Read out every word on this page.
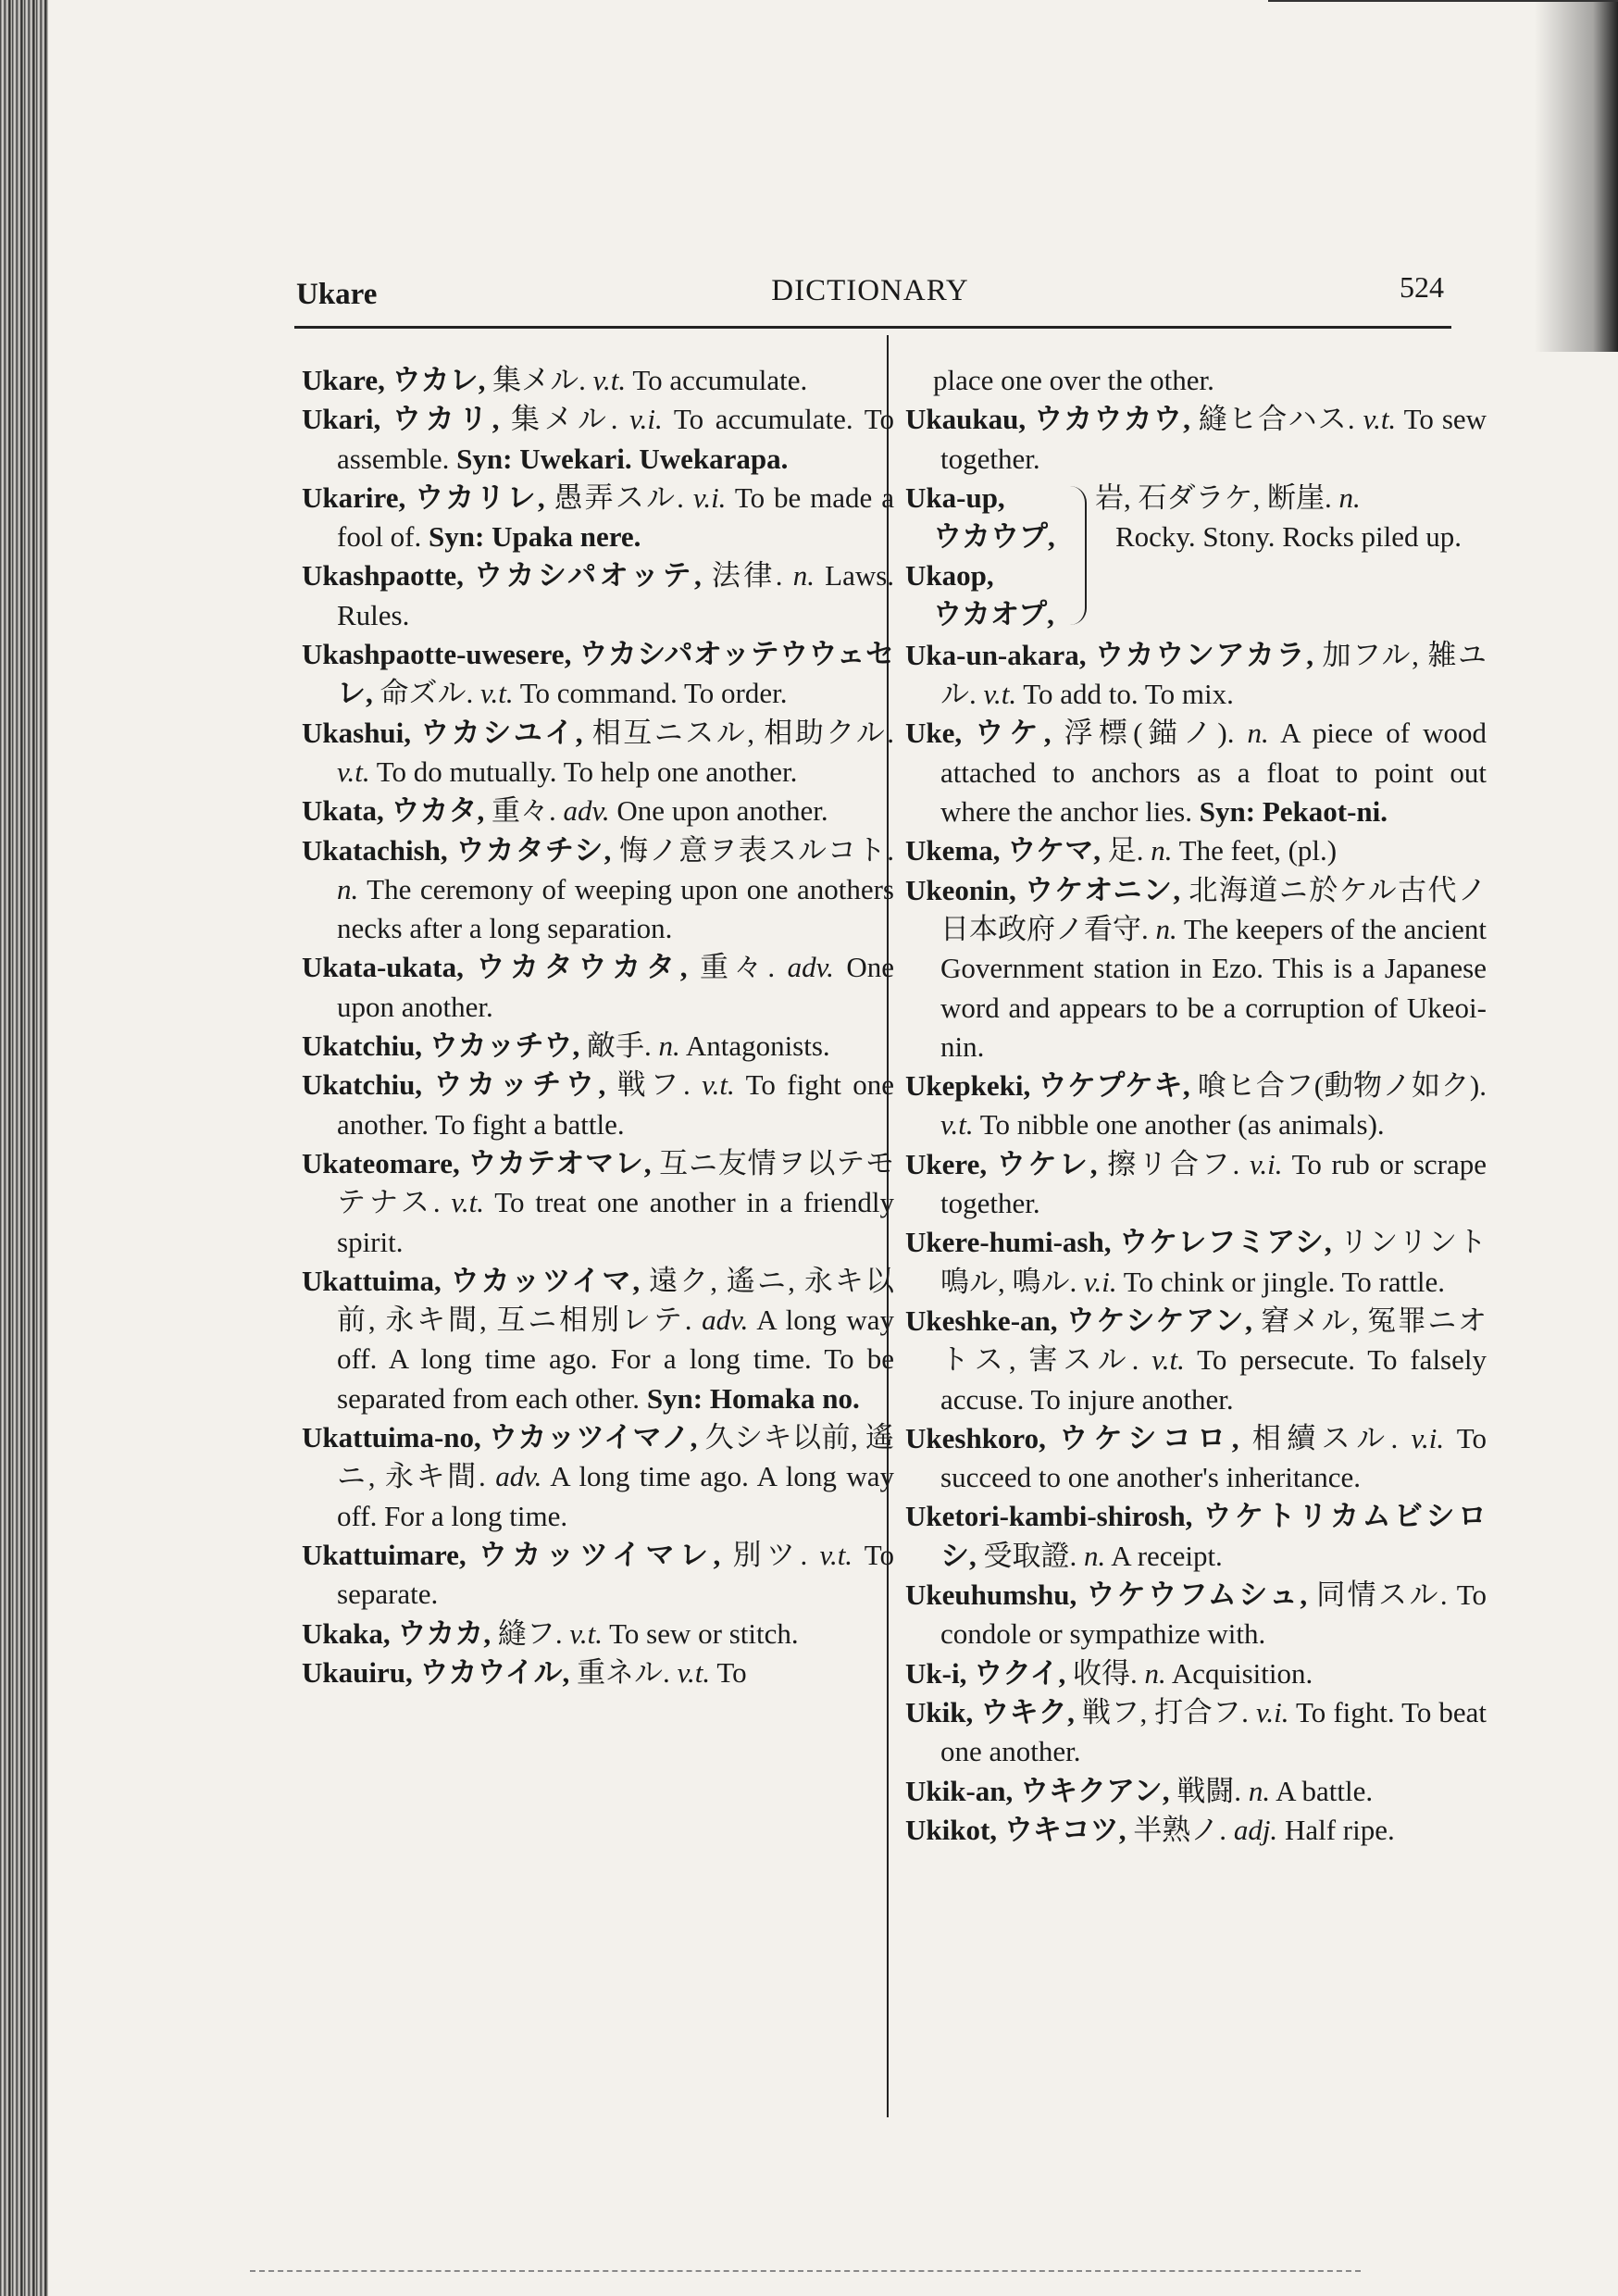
Ukare	DICTIONARY	524
Ukare, ウカレ, 集メル. v.t. To accumulate.
Ukari, ウカリ, 集メル. v.i. To accumulate. To assemble. Syn: Uwekari. Uwekarapa.
Ukarire, ウカリレ, 愚弄スル. v.i. To be made a fool of. Syn: Upaka nere.
Ukashpaotte, ウカシパオッテ, 法律. n. Laws. Rules.
Ukashpaotte-uwesere, ウカシパオッテウウェセレ, 命ズル. v.t. To command. To order.
Ukashui, ウカシユイ, 相互ニスル, 相助クル. v.t. To do mutually. To help one another.
Ukata, ウカタ, 重々. adv. One upon another.
Ukatachish, ウカタチシ, 悔ノ意ヲ表スルコト. n. The ceremony of weeping upon one anothers necks after a long separation.
Ukata-ukata, ウカタウカタ, 重々. adv. One upon another.
Ukatchiu, ウカッチウ, 敵手. n. Antagonists.
Ukatchiu, ウカッチウ, 戦フ. v.t. To fight one another. To fight a battle.
Ukateomare, ウカテオマレ, 互ニ友情ヲ以テモテナス. v.t. To treat one another in a friendly spirit.
Ukattuima, ウカッツイマ, 遠ク, 遙ニ, 永キ以前, 永キ間, 互ニ相別レテ. adv. A long way off. A long time ago. For a long time. To be separated from each other. Syn: Homaka no.
Ukattuima-no, ウカッツイマノ, 久シキ以前, 遙ニ, 永キ間. adv. A long time ago. A long way off. For a long time.
Ukattuimare, ウカッツイマレ, 別ツ. v.t. To separate.
Ukaka, ウカカ, 縫フ. v.t. To sew or stitch.
Ukauiru, ウカウイル, 重ネル. v.t. To
place one over the other.
Ukaukau, ウカウカウ, 縫ヒ合ハス. v.t. To sew together.
Uka-up,
ウカウプ,
Ukaop,
ウカオプ,
岩, 石ダラケ, 断崖. n.
Rocky. Stony. Rocks piled up.
Uka-un-akara, ウカウンアカラ, 加フル, 雑ユル. v.t. To add to. To mix.
Uke, ウケ, 浮標(錨ノ). n. A piece of wood attached to anchors as a float to point out where the anchor lies. Syn: Pekaot-ni.
Ukema, ウケマ, 足. n. The feet, (pl.)
Ukeonin, ウケオニン, 北海道ニ於ケル古代ノ日本政府ノ看守. n. The keepers of the ancient Government station in Ezo. This is a Japanese word and appears to be a corruption of Ukeoi-nin.
Ukepkeki, ウケプケキ, 喰ヒ合フ(動物ノ如ク). v.t. To nibble one another (as animals).
Ukere, ウケレ, 擦リ合フ. v.i. To rub or scrape together.
Ukere-humi-ash, ウケレフミアシ, リンリント鳴ル, 鳴ル. v.i. To chink or jingle. To rattle.
Ukeshke-an, ウケシケアン, 窘メル, 冤罪ニオトス, 害スル. v.t. To persecute. To falsely accuse. To injure another.
Ukeshkoro, ウケシコロ, 相續スル. v.i. To succeed to one another's inheritance.
Uketori-kambi-shirosh, ウケトリカムビシロシ, 受取證. n. A receipt.
Ukeuhumshu, ウケウフムシュ, 同情スル. To condole or sympathize with.
Uk-i, ウクイ, 收得. n. Acquisition.
Ukik, ウキク, 戦フ, 打合フ. v.i. To fight. To beat one another.
Ukik-an, ウキクアン, 戦闘. n. A battle.
Ukikot, ウキコツ, 半熟ノ. adj. Half ripe.
